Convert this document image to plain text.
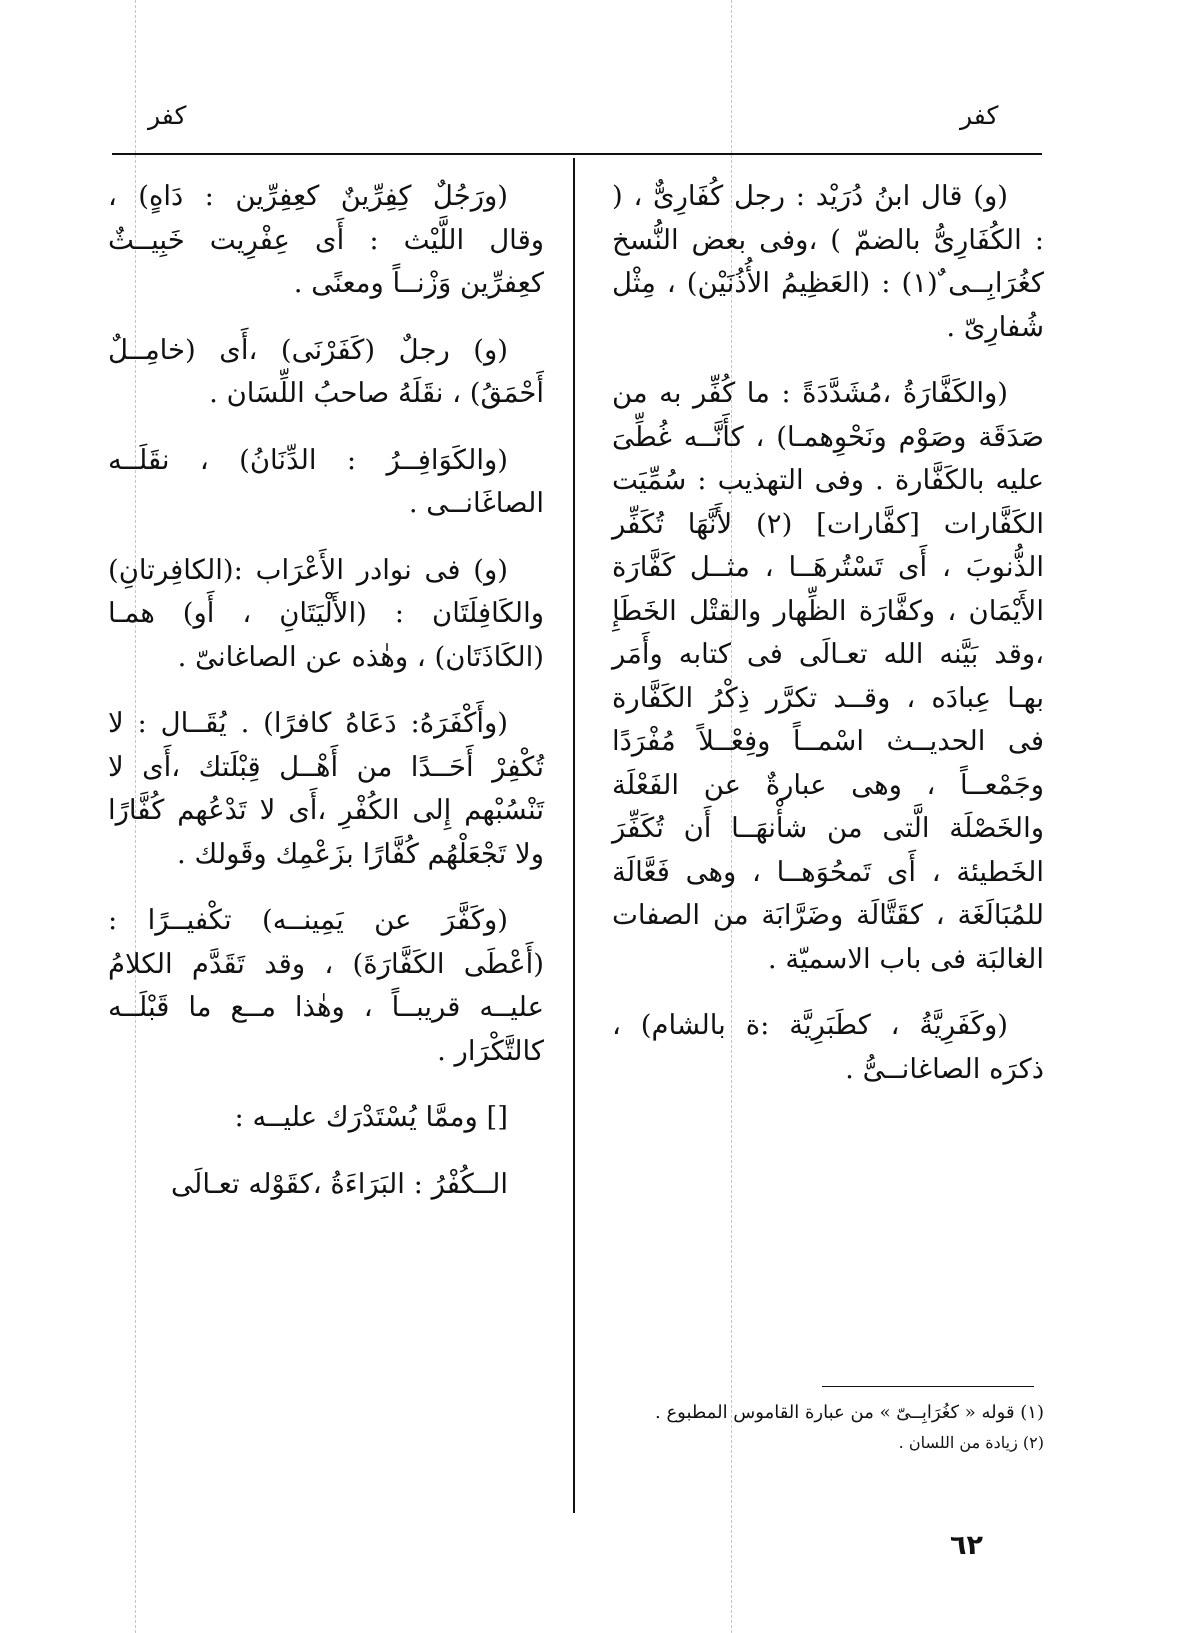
كفر
كفر

(و) قال ابنُ دُرَيْد : رجل كُفَارِىٌّ ، ( : الكُفَارِىُّ بالضمّ ) ،وفى بعض النُّسخ كغُرَابِــى ٌ(١) : (العَظِيمُ الأُذُنَيْن) ، مِثْل شُفارِىّ .

(والكَفَّارَةُ ،مُشَدَّدَةً : ما كُفِّر به من صَدَقَة وصَوْم ونَحْوِهمـا) ، كأَنَّــه غُطِّىَ عليه بالكَفَّارة . وفى التهذيب : سُمِّيَت الكَفَّارات [كفَّارات] (٢) لأَنَّهَا تُكَفِّر الذُّنوبَ ، أَى تَسْتُرهَــا ، مثــل كَفَّارَة الأَيْمَان ، وكفَّارَة الظِّهار والقتْل الخَطَإِ ،وقد بَيَّنه الله تعـالَى فى كتابه وأَمَر بهـا عِبادَه ، وقــد تكرَّر ذِكْرُ الكَفَّارة فى الحديــث اسْمــاً وفِعْــلاً مُفْرَدًا وجَمْعــاً ، وهى عبارةٌ عن الفَعْلَة والخَصْلَة الَّتى من شأْنهَــا أَن تُكَفِّرَ الخَطيئة ، أَى تَمحُوَهــا ، وهى فَعَّالَة للمُبَالَغَة ، كقَتَّالَة وضَرَّابَة من الصفات الغالبَة فى باب الاسميّة .

(وكَفَرِيَّةُ ، كطَبَرِيَّة :ة بالشام) ، ذكرَه الصاغانــىُّ .

(ورَجُلٌ كِفِرِّينٌ كعِفِرِّين : دَاهٍ) ، وقال اللَّيْث : أَى عِفْرِيت خَبِيــثٌ كعِفرِّين وَزْنــاً ومعنًى .

(و) رجلٌ (كَفَرْنَى) ،أَى (خامِــلٌ أَحْمَقُ) ، نقَلَهُ صاحبُ اللِّسَان .

(والكَوَافِــرُ : الدِّنَانُ) ، نقَلَــه الصاغَانــى .

(و) فى نوادر الأَعْرَاب :(الكافِرتانِ) والكَافِلَتَان : (الأَلْيَتَانِ ، أَو) همـا (الكَاذَتَان) ، وهٰذه عن الصاغانىّ .

(وأَكْفَرَهُ: دَعَاهُ كافرًا) . يُقَــال : لا تُكْفِرْ أَحَــدًا من أَهْــل قِبْلَتك ،أَى لا تَنْسُبْهم إِلى الكُفْرِ ،أَى لا تَدْعُهم كُفَّارًا ولا تَجْعَلْهُم كُفَّارًا بزَعْمِك وقَولك .

(وكَفَّرَ عن يَمِينــه) تكْفيــرًا : (أَعْطَى الكَفَّارَةَ) ، وقد تَقَدَّم الكلامُ عليــه قريبــاً ، وهٰذا مــع ما قَبْلَــه كالتَّكْرَار .

[] وممَّا يُسْتَدْرَك عليــه :

الــكُفْرُ : البَرَاءَةُ ،كقَوْله تعـالَى

(١) قوله « كغُرَابِــىّ » من عبارة القاموس المطبوع .

(٢) زيادة من اللسان .

٦٢
